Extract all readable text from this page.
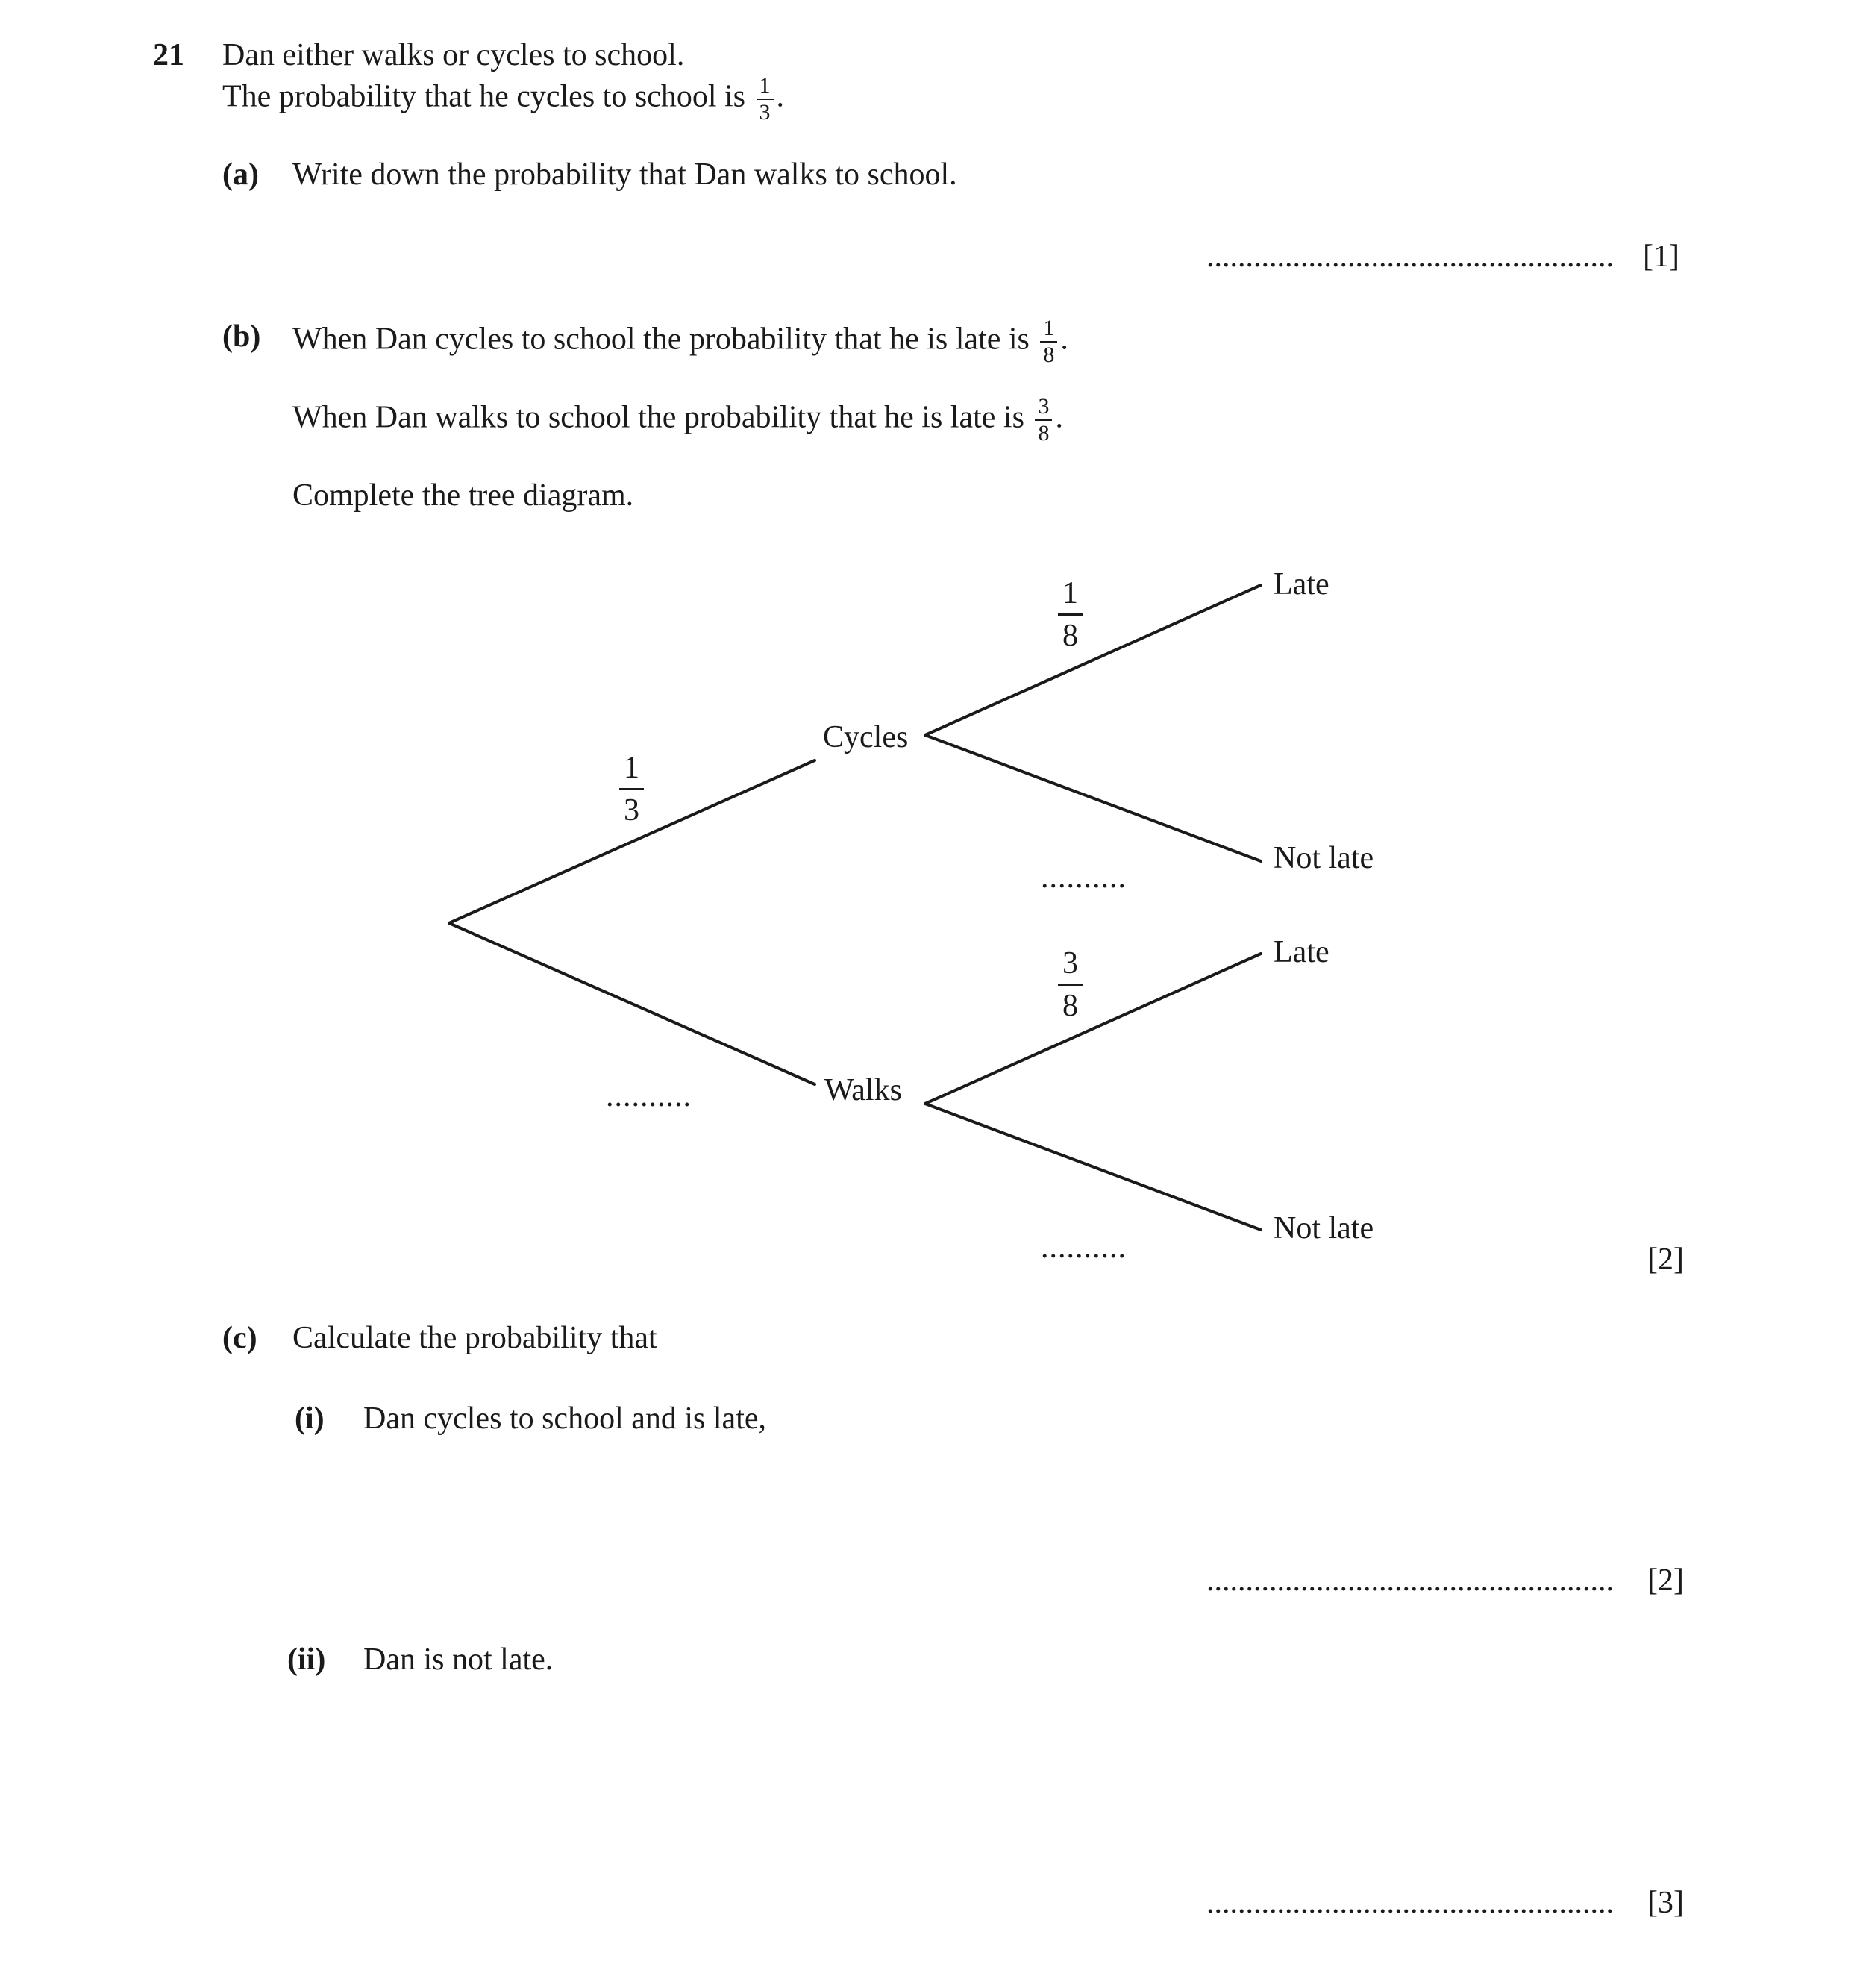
21 Dan either walks or cycles to school.
The probability that he cycles to school is $\frac{1}{3}$ .
(a) Write down the probability that Dan walks to school.
.................................................... [1]
(b) When Dan cycles to school the probability that he is late is $\frac{1}{8}$ .
When Dan walks to school the probability that he is late is $\frac{3}{8}$ .
Complete the tree diagram.
Cycles
Walks
Late
Not late
Late
Not late
$\frac{1}{3}$
$\frac{1}{8}$
$\frac{3}{8}$
..........
..........
..........	[2]
(c) Calculate the probability that
(i) Dan cycles to school and is late,
.................................................... [2]
(ii) Dan is not late.
.................................................... [3]
